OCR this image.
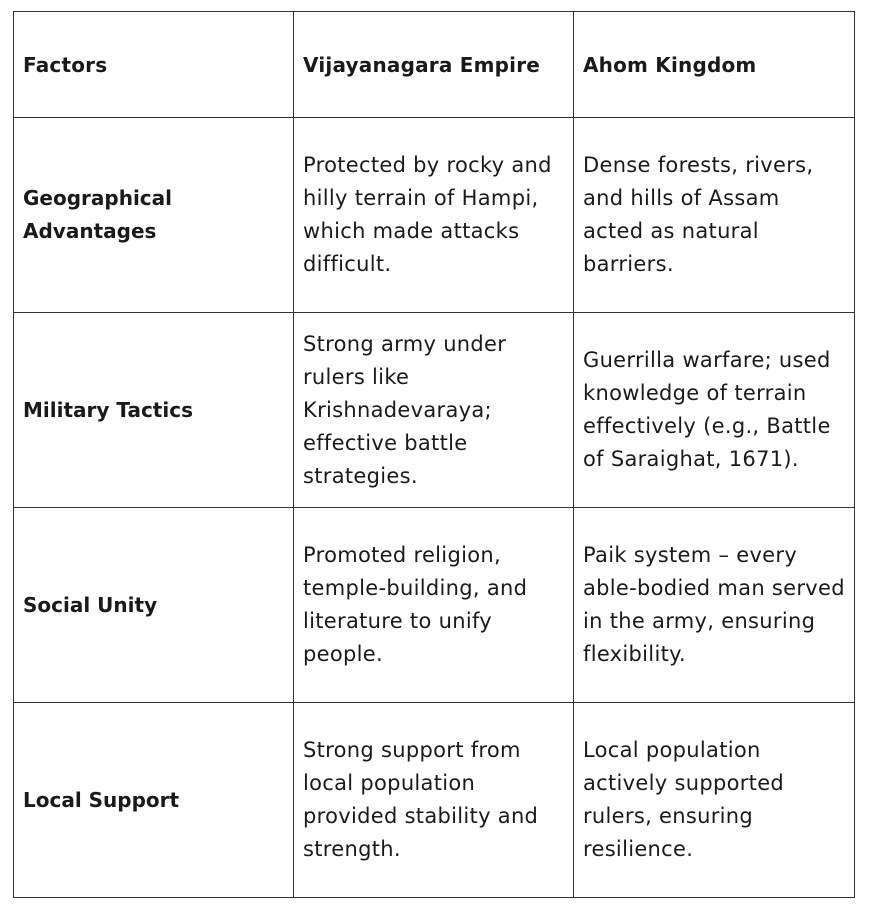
Factors	Vijayanagara Empire	Ahom Kingdom
Geographical Advantages	Protected by rocky and hilly terrain of Hampi, which made attacks difficult.	Dense forests, rivers, and hills of Assam acted as natural barriers.
Military Tactics	Strong army under rulers like Krishnadevaraya; effective battle strategies.	Guerrilla warfare; used knowledge of terrain effectively (e.g., Battle of Saraighat, 1671).
Social Unity	Promoted religion, temple-building, and literature to unify people.	Paik system – every able-bodied man served in the army, ensuring flexibility.
Local Support	Strong support from local population provided stability and strength.	Local population actively supported rulers, ensuring resilience.
